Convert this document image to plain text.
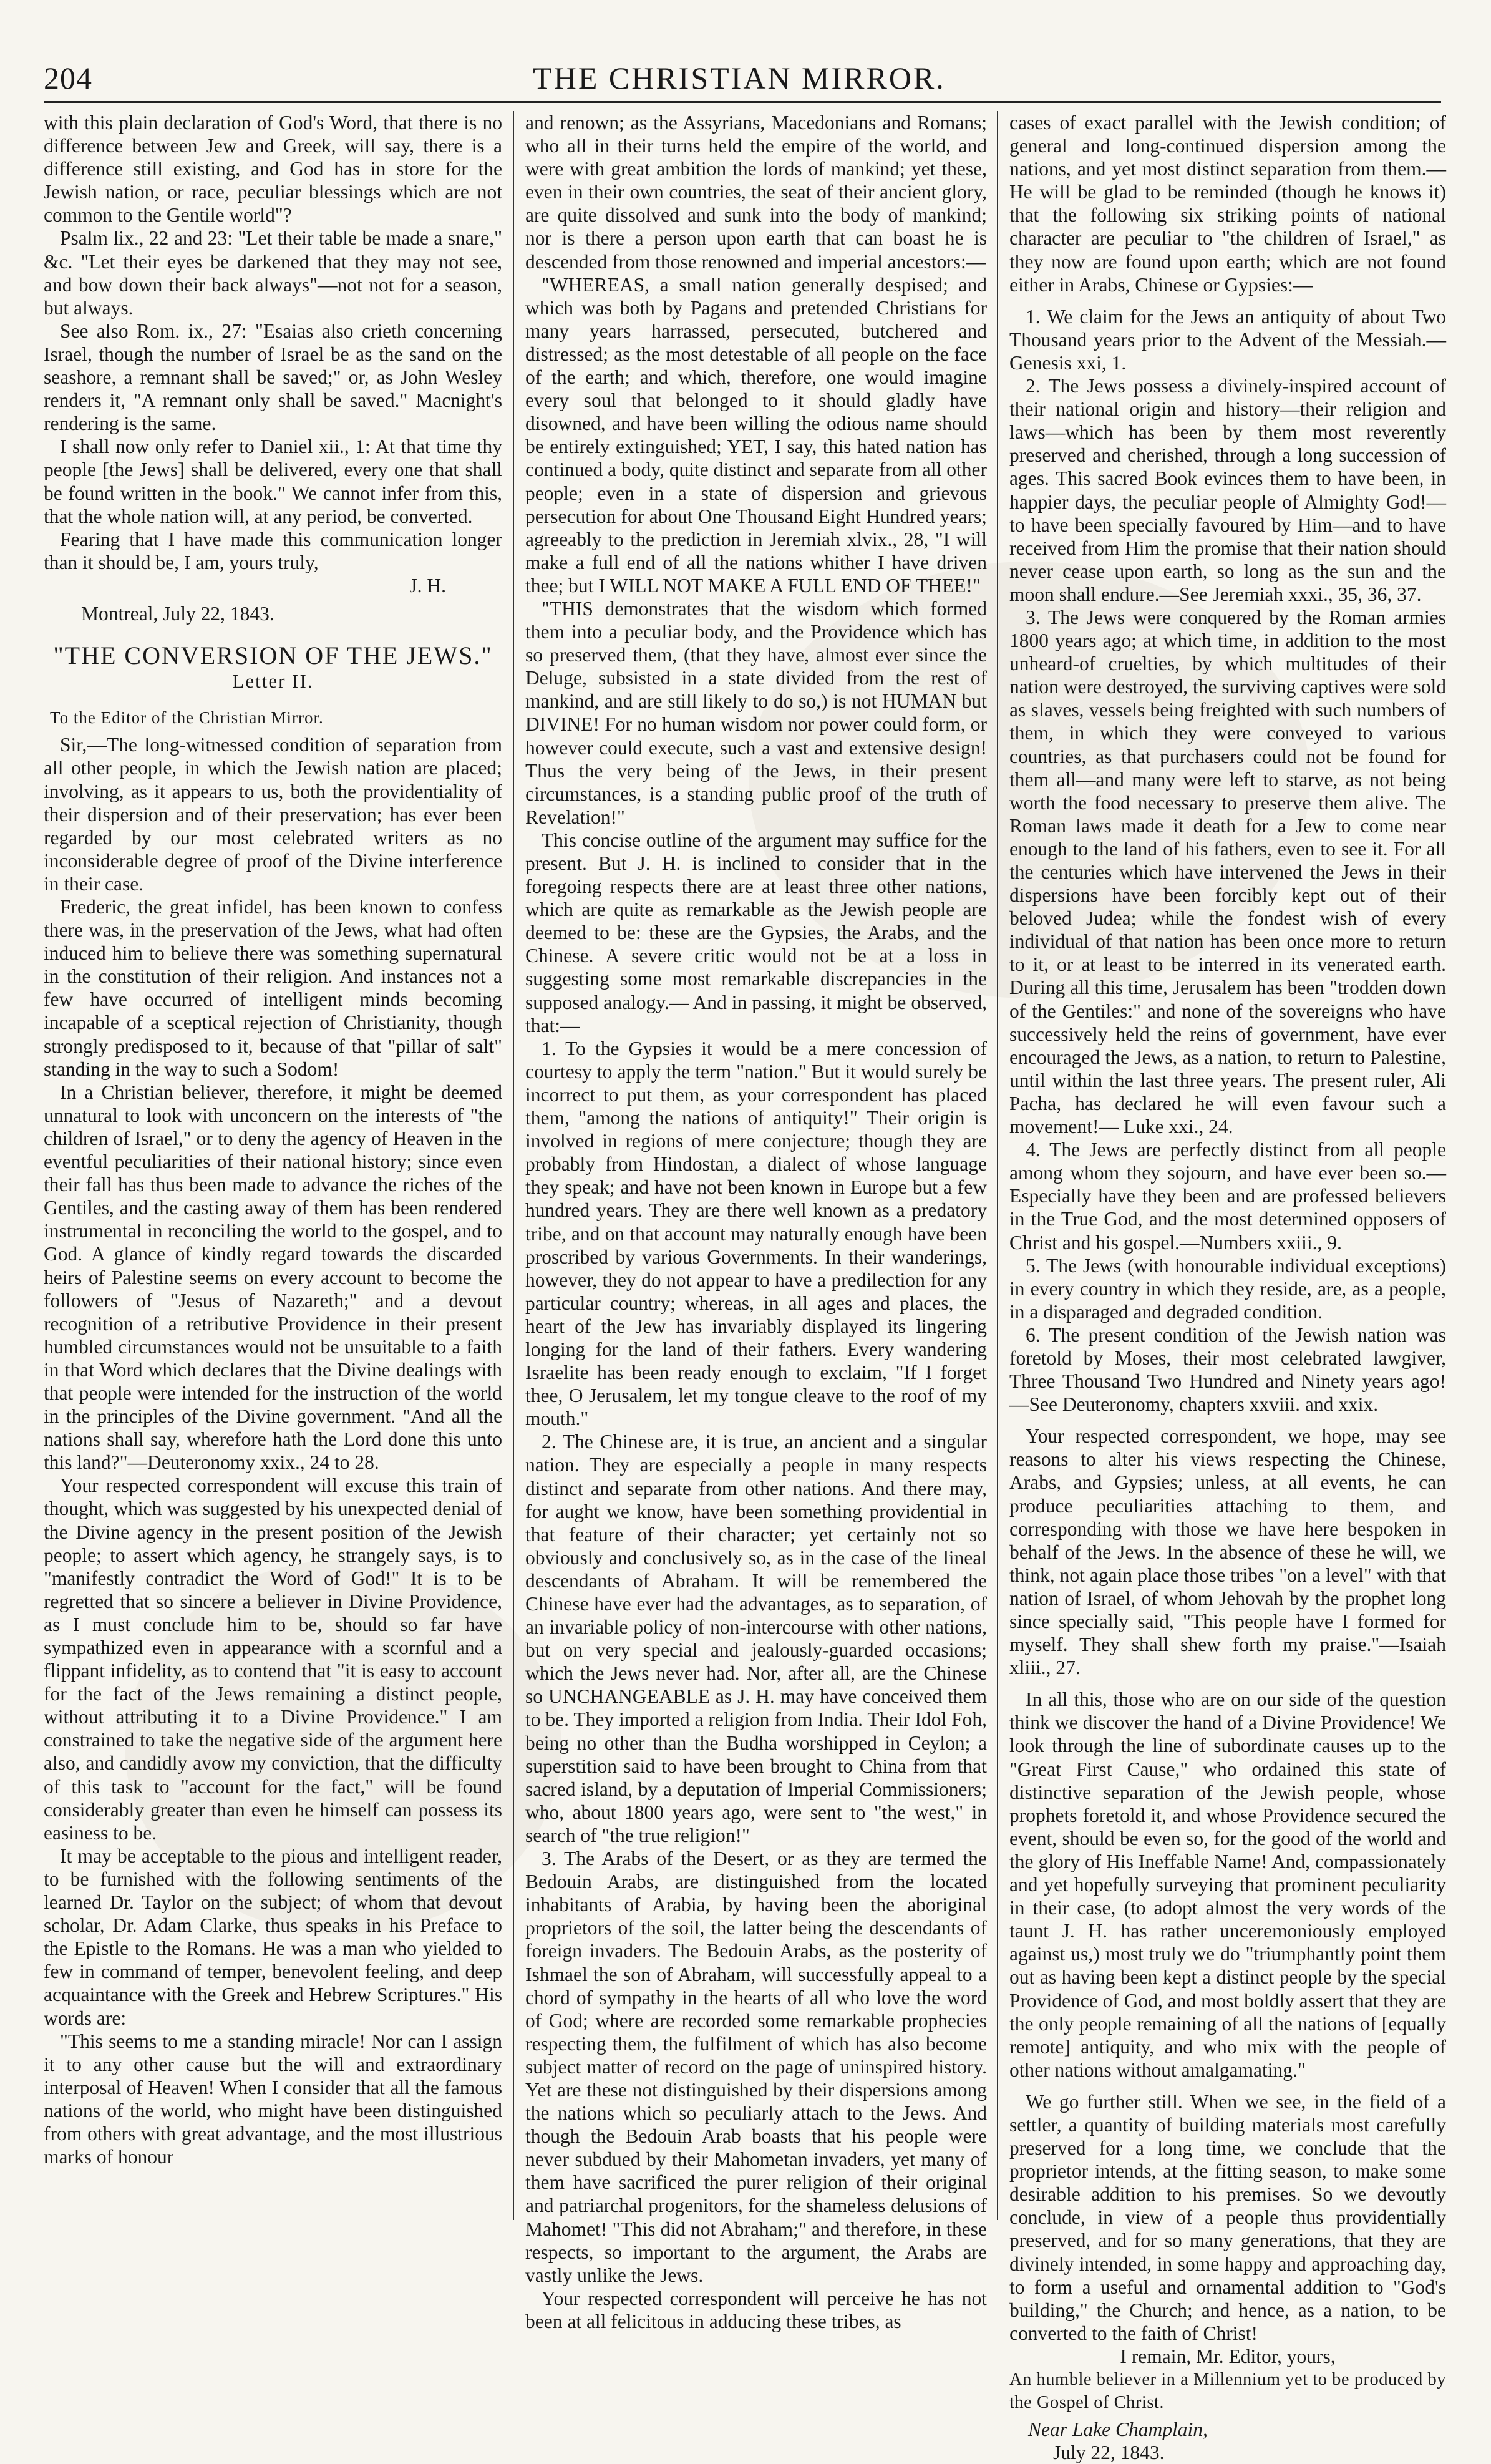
204	THE CHRISTIAN MIRROR.

with this plain declaration of God's Word, that there is no difference between Jew and Greek, will say, there is a difference still existing, and God has in store for the Jewish nation, or race, peculiar blessings which are not common to the Gentile world"?

Psalm lix., 22 and 23: "Let their table be made a snare," &c. "Let their eyes be darkened that they may not see, and bow down their back always"—not not for a season, but always.

See also Rom. ix., 27: "Esaias also crieth concerning Israel, though the number of Israel be as the sand on the seashore, a remnant shall be saved;" or, as John Wesley renders it, "A remnant only shall be saved." Macnight's rendering is the same.

I shall now only refer to Daniel xii., 1: At that time thy people [the Jews] shall be delivered, every one that shall be found written in the book." We cannot infer from this, that the whole nation will, at any period, be converted.

Fearing that I have made this communication longer than it should be, I am, yours truly,

J. H.

Montreal, July 22, 1843.

"THE CONVERSION OF THE JEWS."

Letter II.

To the Editor of the Christian Mirror.

Sir,—The long-witnessed condition of separation from all other people, in which the Jewish nation are placed; involving, as it appears to us, both the providentiality of their dispersion and of their preservation; has ever been regarded by our most celebrated writers as no inconsiderable degree of proof of the Divine interference in their case.

Frederic, the great infidel, has been known to confess there was, in the preservation of the Jews, what had often induced him to believe there was something supernatural in the constitution of their religion. And instances not a few have occurred of intelligent minds becoming incapable of a sceptical rejection of Christianity, though strongly predisposed to it, because of that "pillar of salt" standing in the way to such a Sodom!

In a Christian believer, therefore, it might be deemed unnatural to look with unconcern on the interests of "the children of Israel," or to deny the agency of Heaven in the eventful peculiarities of their national history; since even their fall has thus been made to advance the riches of the Gentiles, and the casting away of them has been rendered instrumental in reconciling the world to the gospel, and to God. A glance of kindly regard towards the discarded heirs of Palestine seems on every account to become the followers of "Jesus of Nazareth;" and a devout recognition of a retributive Providence in their present humbled circumstances would not be unsuitable to a faith in that Word which declares that the Divine dealings with that people were intended for the instruction of the world in the principles of the Divine government. "And all the nations shall say, wherefore hath the Lord done this unto this land?"—Deuteronomy xxix., 24 to 28.

Your respected correspondent will excuse this train of thought, which was suggested by his unexpected denial of the Divine agency in the present position of the Jewish people; to assert which agency, he strangely says, is to "manifestly contradict the Word of God!" It is to be regretted that so sincere a believer in Divine Providence, as I must conclude him to be, should so far have sympathized even in appearance with a scornful and a flippant infidelity, as to contend that "it is easy to account for the fact of the Jews remaining a distinct people, without attributing it to a Divine Providence." I am constrained to take the negative side of the argument here also, and candidly avow my conviction, that the difficulty of this task to "account for the fact," will be found considerably greater than even he himself can possess its easiness to be.

It may be acceptable to the pious and intelligent reader, to be furnished with the following sentiments of the learned Dr. Taylor on the subject; of whom that devout scholar, Dr. Adam Clarke, thus speaks in his Preface to the Epistle to the Romans. He was a man who yielded to few in command of temper, benevolent feeling, and deep acquaintance with the Greek and Hebrew Scriptures." His words are:

"This seems to me a standing miracle! Nor can I assign it to any other cause but the will and extraordinary interposal of Heaven! When I consider that all the famous nations of the world, who might have been distinguished from others with great advantage, and the most illustrious marks of honour

and renown; as the Assyrians, Macedonians and Romans; who all in their turns held the empire of the world, and were with great ambition the lords of mankind; yet these, even in their own countries, the seat of their ancient glory, are quite dissolved and sunk into the body of mankind; nor is there a person upon earth that can boast he is descended from those renowned and imperial ancestors:—

"WHEREAS, a small nation generally despised; and which was both by Pagans and pretended Christians for many years harrassed, persecuted, butchered and distressed; as the most detestable of all people on the face of the earth; and which, therefore, one would imagine every soul that belonged to it should gladly have disowned, and have been willing the odious name should be entirely extinguished; YET, I say, this hated nation has continued a body, quite distinct and separate from all other people; even in a state of dispersion and grievous persecution for about One Thousand Eight Hundred years; agreeably to the prediction in Jeremiah xlvix., 28, "I will make a full end of all the nations whither I have driven thee; but I WILL NOT MAKE A FULL END OF THEE!"

"THIS demonstrates that the wisdom which formed them into a peculiar body, and the Providence which has so preserved them, (that they have, almost ever since the Deluge, subsisted in a state divided from the rest of mankind, and are still likely to do so,) is not HUMAN but DIVINE! For no human wisdom nor power could form, or however could execute, such a vast and extensive design! Thus the very being of the Jews, in their present circumstances, is a standing public proof of the truth of Revelation!"

This concise outline of the argument may suffice for the present. But J. H. is inclined to consider that in the foregoing respects there are at least three other nations, which are quite as remarkable as the Jewish people are deemed to be: these are the Gypsies, the Arabs, and the Chinese. A severe critic would not be at a loss in suggesting some most remarkable discrepancies in the supposed analogy.— And in passing, it might be observed, that:—

1. To the Gypsies it would be a mere concession of courtesy to apply the term "nation." But it would surely be incorrect to put them, as your correspondent has placed them, "among the nations of antiquity!" Their origin is involved in regions of mere conjecture; though they are probably from Hindostan, a dialect of whose language they speak; and have not been known in Europe but a few hundred years. They are there well known as a predatory tribe, and on that account may naturally enough have been proscribed by various Governments. In their wanderings, however, they do not appear to have a predilection for any particular country; whereas, in all ages and places, the heart of the Jew has invariably displayed its lingering longing for the land of their fathers. Every wandering Israelite has been ready enough to exclaim, "If I forget thee, O Jerusalem, let my tongue cleave to the roof of my mouth."

2. The Chinese are, it is true, an ancient and a singular nation. They are especially a people in many respects distinct and separate from other nations. And there may, for aught we know, have been something providential in that feature of their character; yet certainly not so obviously and conclusively so, as in the case of the lineal descendants of Abraham. It will be remembered the Chinese have ever had the advantages, as to separation, of an invariable policy of non-intercourse with other nations, but on very special and jealously-guarded occasions; which the Jews never had. Nor, after all, are the Chinese so UNCHANGEABLE as J. H. may have conceived them to be. They imported a religion from India. Their Idol Foh, being no other than the Budha worshipped in Ceylon; a superstition said to have been brought to China from that sacred island, by a deputation of Imperial Commissioners; who, about 1800 years ago, were sent to "the west," in search of "the true religion!"

3. The Arabs of the Desert, or as they are termed the Bedouin Arabs, are distinguished from the located inhabitants of Arabia, by having been the aboriginal proprietors of the soil, the latter being the descendants of foreign invaders. The Bedouin Arabs, as the posterity of Ishmael the son of Abraham, will successfully appeal to a chord of sympathy in the hearts of all who love the word of God; where are recorded some remarkable prophecies respecting them, the fulfilment of which has also become subject matter of record on the page of uninspired history. Yet are these not distinguished by their dispersions among the nations which so peculiarly attach to the Jews. And though the Bedouin Arab boasts that his people were never subdued by their Mahometan invaders, yet many of them have sacrificed the purer religion of their original and patriarchal progenitors, for the shameless delusions of Mahomet! "This did not Abraham;" and therefore, in these respects, so important to the argument, the Arabs are vastly unlike the Jews.

Your respected correspondent will perceive he has not been at all felicitous in adducing these tribes, as

cases of exact parallel with the Jewish condition; of general and long-continued dispersion among the nations, and yet most distinct separation from them.— He will be glad to be reminded (though he knows it) that the following six striking points of national character are peculiar to "the children of Israel," as they now are found upon earth; which are not found either in Arabs, Chinese or Gypsies:—

1. We claim for the Jews an antiquity of about Two Thousand years prior to the Advent of the Messiah.—Genesis xxi, 1.

2. The Jews possess a divinely-inspired account of their national origin and history—their religion and laws—which has been by them most reverently preserved and cherished, through a long succession of ages. This sacred Book evinces them to have been, in happier days, the peculiar people of Almighty God!—to have been specially favoured by Him—and to have received from Him the promise that their nation should never cease upon earth, so long as the sun and the moon shall endure.—See Jeremiah xxxi., 35, 36, 37.

3. The Jews were conquered by the Roman armies 1800 years ago; at which time, in addition to the most unheard-of cruelties, by which multitudes of their nation were destroyed, the surviving captives were sold as slaves, vessels being freighted with such numbers of them, in which they were conveyed to various countries, as that purchasers could not be found for them all—and many were left to starve, as not being worth the food necessary to preserve them alive. The Roman laws made it death for a Jew to come near enough to the land of his fathers, even to see it. For all the centuries which have intervened the Jews in their dispersions have been forcibly kept out of their beloved Judea; while the fondest wish of every individual of that nation has been once more to return to it, or at least to be interred in its venerated earth. During all this time, Jerusalem has been "trodden down of the Gentiles:" and none of the sovereigns who have successively held the reins of government, have ever encouraged the Jews, as a nation, to return to Palestine, until within the last three years. The present ruler, Ali Pacha, has declared he will even favour such a movement!— Luke xxi., 24.

4. The Jews are perfectly distinct from all people among whom they sojourn, and have ever been so.— Especially have they been and are professed believers in the True God, and the most determined opposers of Christ and his gospel.—Numbers xxiii., 9.

5. The Jews (with honourable individual exceptions) in every country in which they reside, are, as a people, in a disparaged and degraded condition.

6. The present condition of the Jewish nation was foretold by Moses, their most celebrated lawgiver, Three Thousand Two Hundred and Ninety years ago! —See Deuteronomy, chapters xxviii. and xxix.

Your respected correspondent, we hope, may see reasons to alter his views respecting the Chinese, Arabs, and Gypsies; unless, at all events, he can produce peculiarities attaching to them, and corresponding with those we have here bespoken in behalf of the Jews. In the absence of these he will, we think, not again place those tribes "on a level" with that nation of Israel, of whom Jehovah by the prophet long since specially said, "This people have I formed for myself. They shall shew forth my praise."—Isaiah xliii., 27.

In all this, those who are on our side of the question think we discover the hand of a Divine Providence! We look through the line of subordinate causes up to the "Great First Cause," who ordained this state of distinctive separation of the Jewish people, whose prophets foretold it, and whose Providence secured the event, should be even so, for the good of the world and the glory of His Ineffable Name! And, compassionately and yet hopefully surveying that prominent peculiarity in their case, (to adopt almost the very words of the taunt J. H. has rather unceremoniously employed against us,) most truly we do "triumphantly point them out as having been kept a distinct people by the special Providence of God, and most boldly assert that they are the only people remaining of all the nations of [equally remote] antiquity, and who mix with the people of other nations without amalgamating."

We go further still. When we see, in the field of a settler, a quantity of building materials most carefully preserved for a long time, we conclude that the proprietor intends, at the fitting season, to make some desirable addition to his premises. So we devoutly conclude, in view of a people thus providentially preserved, and for so many generations, that they are divinely intended, in some happy and approaching day, to form a useful and ornamental addition to "God's building," the Church; and hence, as a nation, to be converted to the faith of Christ!

I remain, Mr. Editor, yours,

An humble believer in a Millennium yet to be produced by the Gospel of Christ.

Near Lake Champlain,

July 22, 1843.
